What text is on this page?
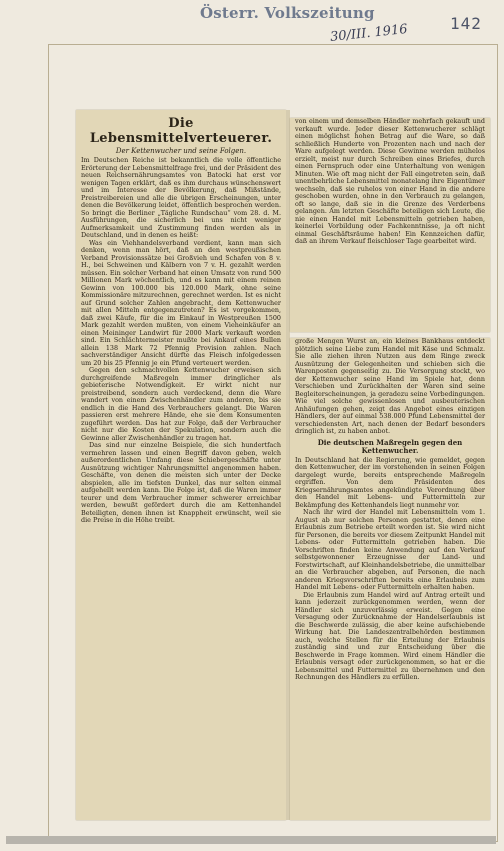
Österr. Volkszeitung
30/III. 1916	142
Die Lebensmittelverteuerer.
Der Kettenwucher und seine Folgen.

Im Deutschen Reiche ist bekanntlich die volle öffentliche Erörterung der Lebensmittelfrage frei, und der Präsident des neuen Reichsernährungsamtes von Batocki hat erst vor wenigen Tagen erklärt, daß es ihm durchaus wünschenswert und im Interesse der Bevölkerung, daß Mißstände, Preistreibereien und alle die übrigen Erscheinungen, unter denen die Bevölkerung leidet, öffentlich besprochen werden. So bringt die Berliner „Tägliche Rundschau“ vom 28. d. M. Ausführungen, die sicherlich bei uns nicht weniger Aufmerksamkeit und Zustimmung finden werden als in Deutschland, und in denen es heißt:

Was ein Viehhandelsverband verdient, kann man sich denken, wenn man hört, daß an den westpreußischen Verband Provisionssätze bei Großvieh und Schafen von 8 v. H., bei Schweinen und Kälbern von 7 v. H. gezahlt werden müssen. Ein solcher Verband hat einen Umsatz von rund 500 Millionen Mark wöchentlich, und es kann mit einem reinen Gewinn von 100.000 bis 120.000 Mark, ohne seine Kommissionäre mitzurechnen, gerechnet werden. Ist es nicht auf Grund solcher Zahlen angebracht, dem Kettenwucher mit allen Mitteln entgegenzutreten? Es ist vorgekommen, daß zwei Käufe, für die im Einkauf in Westpreußen 1500 Mark gezahlt werden mußten, von einem Vieheinkäufer an einen Meininger Landwirt für 2000 Mark verkauft worden sind. Ein Schlächtermeister mußte bei Ankauf eines Bullen allein 138 Mark 72 Pfennig Provision zahlen. Nach sachverständiger Ansicht dürfte das Fleisch infolgedessen um 20 bis 25 Pfennig je ein Pfund verteuert werden.

Gegen den schmachvollen Kettenwucher erweisen sich durchgreifende Maßregeln immer dringlicher als gebieterische Notwendigkeit. Er wirkt nicht nur preistreibend, sondern auch verdeckend, denn die Ware wandert von einem Zwischenhändler zum anderen, bis sie endlich in die Hand des Verbrauchers gelangt. Die Waren passieren erst mehrere Hände, ehe sie dem Konsumenten zugeführt werden. Das hat zur Folge, daß der Verbraucher nicht nur die Kosten der Spekulation, sondern auch die Gewinne aller Zwischenhändler zu tragen hat.

Das sind nur einzelne Beispiele, die sich hundertfach vermehren lassen und einen Begriff davon geben, welch außerordentlichen Umfang diese Schiebergeschäfte unter Ausnützung wichtiger Nahrungsmittel angenommen haben. Geschäfte, von denen die meisten sich unter der Decke abspielen, alle im tiefsten Dunkel, das nur selten einmal aufgehellt werden kann. Die Folge ist, daß die Waren immer teurer und dem Verbraucher immer schwerer erreichbar werden, bewußt gefördert durch die am Kettenhandel Beteiligten, denen ihnen ist Knappheit erwünscht, weil sie die Preise in die Höhe treibt.

von einem und demselben Händler mehrfach gekauft und verkauft wurde. Jeder dieser Kettenwucherer schlägt einen möglichst hohen Betrag auf die Ware, so daß schließlich Hunderte von Prozenten nach und nach der Ware aufgelegt werden. Diese Gewinne werden mühelos erzielt, meist nur durch Schreiben eines Briefes, durch einen Fernspruch oder eine Unterhaltung von wenigen Minuten. Wie oft mag nicht der Fall eingetreten sein, daß unentbehrliche Lebensmittel monatelang ihre Eigentümer wechseln, daß sie ruhelos von einer Hand in die andere geschoben wurden, ohne in den Verbrauch zu gelangen, oft so lange, daß sie in die Grenze des Verderbens gelangen. Am letzten Geschäfte beteiligen sich Leute, die nie einen Handel mit Lebensmitteln getrieben haben, keinerlei Vorbildung oder Fachkenntnisse, ja oft nicht einmal Geschäftsräume haben! Ein Kennzeichen dafür, daß an ihrem Verkauf fleischloser Tage gearbeitet wird.

große Mengen Wurst an, ein kleines Bankhaus entdeckt plötzlich seine Liebe zum Handel mit Käse und Schmalz. Sie alle ziehen ihren Nutzen aus dem Ringe zweck Ausnützung der Gelegenheiten und schieben sich die Warenposten gegenseitig zu. Die Versorgung stockt, wo der Kettenwucher seine Hand im Spiele hat, denn Verschieben und Zurückhalten der Waren sind seine Begleiterscheinungen, ja geradezu seine Vorbedingungen. Wie viel solche gewissenlosen und ausbeuterischen Anhäufungen gehen, zeigt das Angebot eines einzigen Händlers, der auf einmal 538.000 Pfund Lebensmittel der verschiedensten Art, nach denen der Bedarf besonders dringlich ist, zu haben anbot.

Die deutschen Maßregeln gegen den Kettenwucher.

In Deutschland hat die Regierung, wie gemeldet, gegen den Kettenwucher, der im vorstehenden in seinen Folgen dargelegt wurde, bereits entsprechende Maßregeln ergriffen. Von dem Präsidenten des Kriegsernährungsamtes angekündigte Verordnung über den Handel mit Lebens- und Futtermitteln zur Bekämpfung des Kettenhandels liegt nunmehr vor.

Nach ihr wird der Handel mit Lebensmitteln vom 1. August ab nur solchen Personen gestattet, denen eine Erlaubnis zum Betriebe erteilt worden ist. Sie wird nicht für Personen, die bereits vor diesem Zeitpunkt Handel mit Lebens- oder Futtermitteln getrieben haben. Die Vorschriften finden keine Anwendung auf den Verkauf selbstgewonnener Erzeugnisse der Land- und Forstwirtschaft, auf Kleinhandelsbetriebe, die unmittelbar an die Verbraucher abgeben, auf Personen, die nach anderen Kriegsvorschriften bereits eine Erlaubnis zum Handel mit Lebens- oder Futtermitteln erhalten haben.

Die Erlaubnis zum Handel wird auf Antrag erteilt und kann jederzeit zurückgenommen werden, wenn der Händler sich unzuverlässig erweist. Gegen eine Versagung oder Zurücknahme der Handelserlaubnis ist die Beschwerde zulässig, die aber keine aufschiebende Wirkung hat. Die Landeszentralbehörden bestimmen auch, welche Stellen für die Erteilung der Erlaubnis zuständig sind und zur Entscheidung über die Beschwerde in Frage kommen. Wird einem Händler die Erlaubnis versagt oder zurückgenommen, so hat er die Lebensmittel und Futtermittel zu übernehmen und den Rechnungen des Händlers zu erfüllen.
